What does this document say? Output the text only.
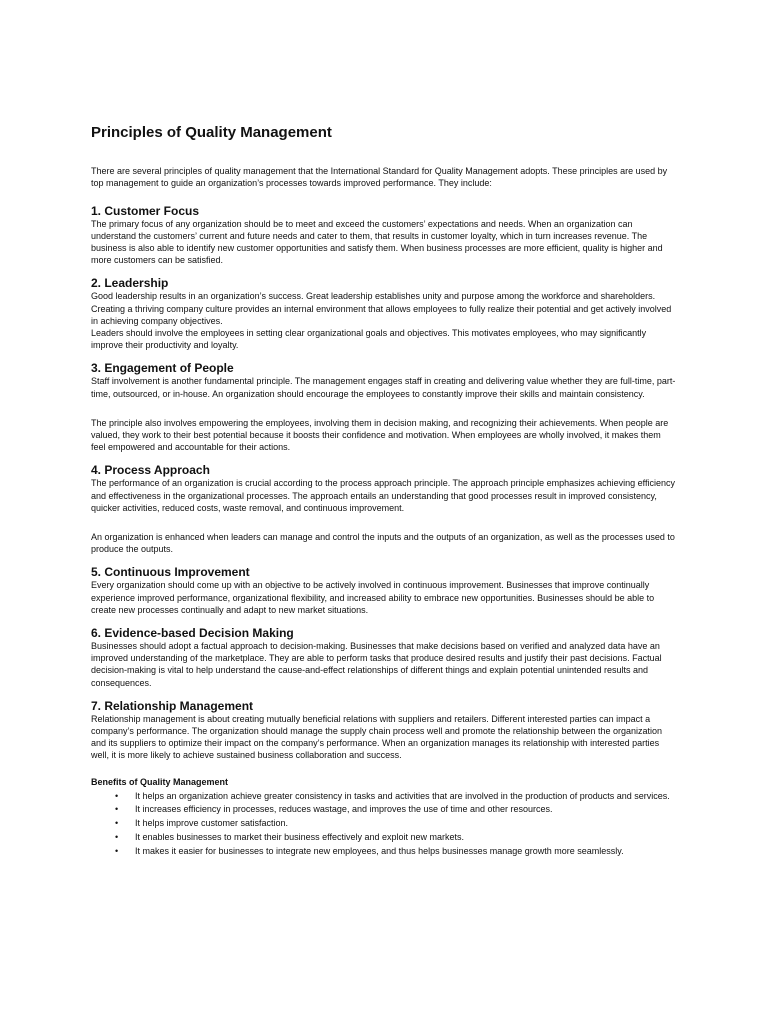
Principles of Quality Management

There are several principles of quality management that the International Standard for Quality Management adopts. These principles are used by top management to guide an organization’s processes towards improved performance. They include:

1. Customer Focus

The primary focus of any organization should be to meet and exceed the customers’ expectations and needs. When an organization can understand the customers’ current and future needs and cater to them, that results in customer loyalty, which in turn increases revenue. The business is also able to identify new customer opportunities and satisfy them. When business processes are more efficient, quality is higher and more customers can be satisfied.

2. Leadership

Good leadership results in an organization’s success. Great leadership establishes unity and purpose among the workforce and shareholders. Creating a thriving company culture provides an internal environment that allows employees to fully realize their potential and get actively involved in achieving company objectives.

Leaders should involve the employees in setting clear organizational goals and objectives. This motivates employees, who may significantly improve their productivity and loyalty.

3. Engagement of People

Staff involvement is another fundamental principle. The management engages staff in creating and delivering value whether they are full-time, part-time, outsourced, or in-house. An organization should encourage the employees to constantly improve their skills and maintain consistency.

The principle also involves empowering the employees, involving them in decision making, and recognizing their achievements. When people are valued, they work to their best potential because it boosts their confidence and motivation. When employees are wholly involved, it makes them feel empowered and accountable for their actions.

4. Process Approach

The performance of an organization is crucial according to the process approach principle. The approach principle emphasizes achieving efficiency and effectiveness in the organizational processes. The approach entails an understanding that good processes result in improved consistency, quicker activities, reduced costs, waste removal, and continuous improvement.

An organization is enhanced when leaders can manage and control the inputs and the outputs of an organization, as well as the processes used to produce the outputs.

5. Continuous Improvement

Every organization should come up with an objective to be actively involved in continuous improvement. Businesses that improve continually experience improved performance, organizational flexibility, and increased ability to embrace new opportunities. Businesses should be able to create new processes continually and adapt to new market situations.

6. Evidence-based Decision Making

Businesses should adopt a factual approach to decision-making. Businesses that make decisions based on verified and analyzed data have an improved understanding of the marketplace. They are able to perform tasks that produce desired results and justify their past decisions. Factual decision-making is vital to help understand the cause-and-effect relationships of different things and explain potential unintended results and consequences.

7. Relationship Management

Relationship management is about creating mutually beneficial relations with suppliers and retailers. Different interested parties can impact a company’s performance. The organization should manage the supply chain process well and promote the relationship between the organization and its suppliers to optimize their impact on the company’s performance. When an organization manages its relationship with interested parties well, it is more likely to achieve sustained business collaboration and success.

Benefits of Quality Management

• It helps an organization achieve greater consistency in tasks and activities that are involved in the production of products and services.
• It increases efficiency in processes, reduces wastage, and improves the use of time and other resources.
• It helps improve customer satisfaction.
• It enables businesses to market their business effectively and exploit new markets.
• It makes it easier for businesses to integrate new employees, and thus helps businesses manage growth more seamlessly.
